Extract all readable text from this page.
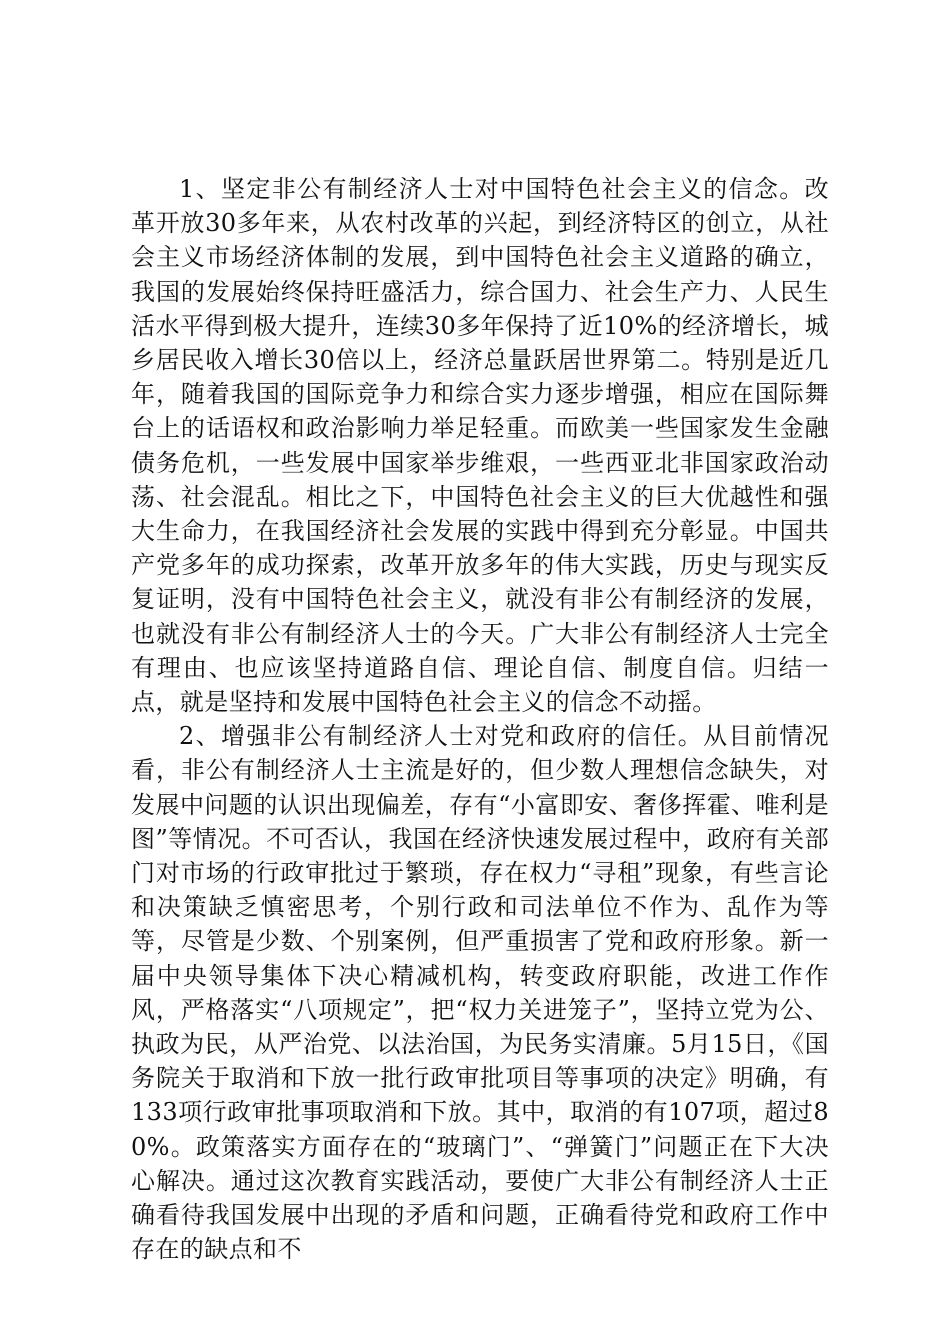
1、坚定非公有制经济人士对中国特色社会主义的信念。改革开放30多年来，从农村改革的兴起，到经济特区的创立，从社会主义市场经济体制的发展，到中国特色社会主义道路的确立，我国的发展始终保持旺盛活力，综合国力、社会生产力、人民生活水平得到极大提升，连续30多年保持了近10%的经济增长，城乡居民收入增长30倍以上，经济总量跃居世界第二。特别是近几年，随着我国的国际竞争力和综合实力逐步增强，相应在国际舞台上的话语权和政治影响力举足轻重。而欧美一些国家发生金融债务危机，一些发展中国家举步维艰，一些西亚北非国家政治动荡、社会混乱。相比之下，中国特色社会主义的巨大优越性和强大生命力，在我国经济社会发展的实践中得到充分彰显。中国共产党多年的成功探索，改革开放多年的伟大实践，历史与现实反复证明，没有中国特色社会主义，就没有非公有制经济的发展，也就没有非公有制经济人士的今天。广大非公有制经济人士完全有理由、也应该坚持道路自信、理论自信、制度自信。归结一点，就是坚持和发展中国特色社会主义的信念不动摇。

2、增强非公有制经济人士对党和政府的信任。从目前情况看，非公有制经济人士主流是好的，但少数人理想信念缺失，对发展中问题的认识出现偏差，存有“小富即安、奢侈挥霍、唯利是图”等情况。不可否认，我国在经济快速发展过程中，政府有关部门对市场的行政审批过于繁琐，存在权力“寻租”现象，有些言论和决策缺乏慎密思考，个别行政和司法单位不作为、乱作为等等，尽管是少数、个别案例，但严重损害了党和政府形象。新一届中央领导集体下决心精减机构，转变政府职能，改进工作作风，严格落实“八项规定”，把“权力关进笼子”，坚持立党为公、执政为民，从严治党、以法治国，为民务实清廉。5月15日，《国务院关于取消和下放一批行政审批项目等事项的决定》明确，有133项行政审批事项取消和下放。其中，取消的有107项，超过80%。政策落实方面存在的“玻璃门”、“弹簧门”问题正在下大决心解决。通过这次教育实践活动，要使广大非公有制经济人士正确看待我国发展中出现的矛盾和问题，正确看待党和政府工作中存在的缺点和不
